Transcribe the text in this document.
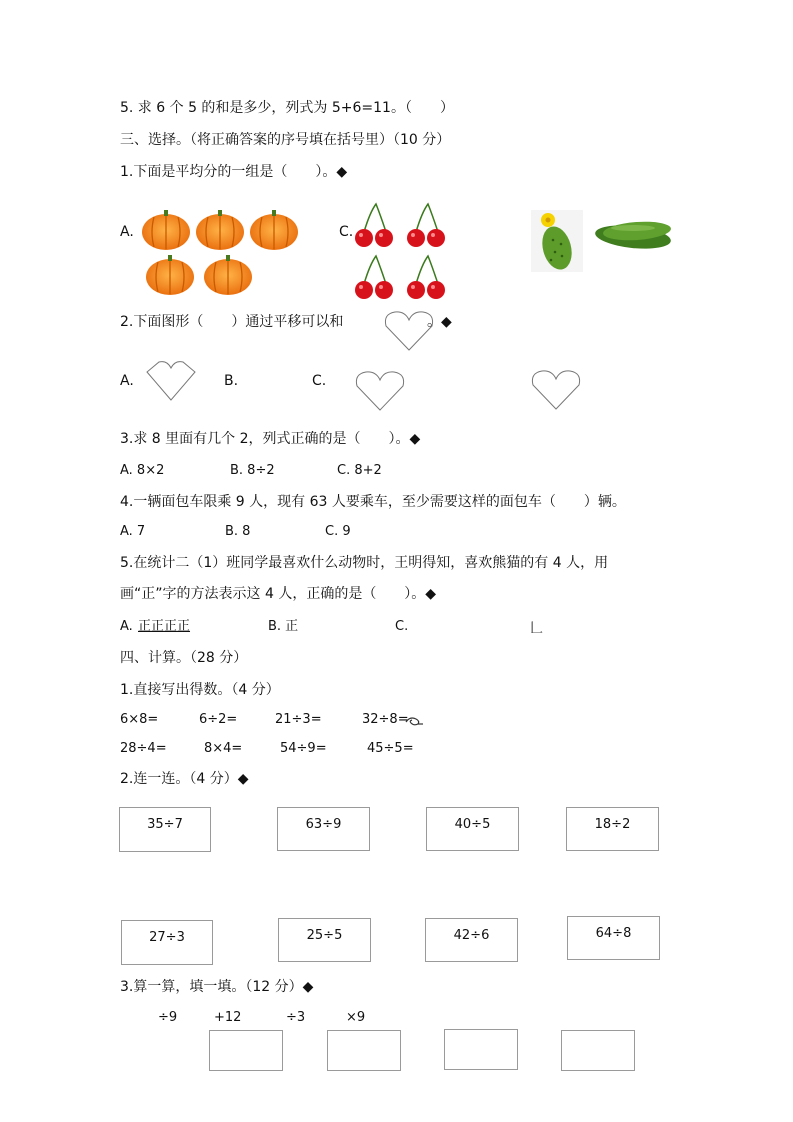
5. 求 6 个 5 的和是多少，列式为 5+6=11。（　　）
三、选择。（将正确答案的序号填在括号里）（10 分）
1.下面是平均分的一组是（　　）。◆
A.	C.
2.下面图形（　　）通过平移可以和	。◆
A.	B.	C.
3.求 8 里面有几个 2，列式正确的是（　　）。◆
A. 8×2	B. 8÷2	C. 8+2
4.一辆面包车限乘 9 人，现有 63 人要乘车，至少需要这样的面包车（　　）辆。
A. 7	B. 8	C. 9
5.在统计二（1）班同学最喜欢什么动物时，王明得知，喜欢熊猫的有 4 人，用
画“正”字的方法表示这 4 人，正确的是（　　）。◆
A. 正正正正	B. 正	C.	𠃊
四、计算。（28 分）
1.直接写出得数。（4 分）
6×8=	6÷2=	21÷3=	32÷8=
28÷4=	8×4=	54÷9=	45÷5=
2.连一连。（4 分）◆
35÷7	63÷9	40÷5	18÷2
27÷3	25÷5	42÷6	64÷8
3.算一算，填一填。（12 分）◆
÷9	+12	÷3	×9
